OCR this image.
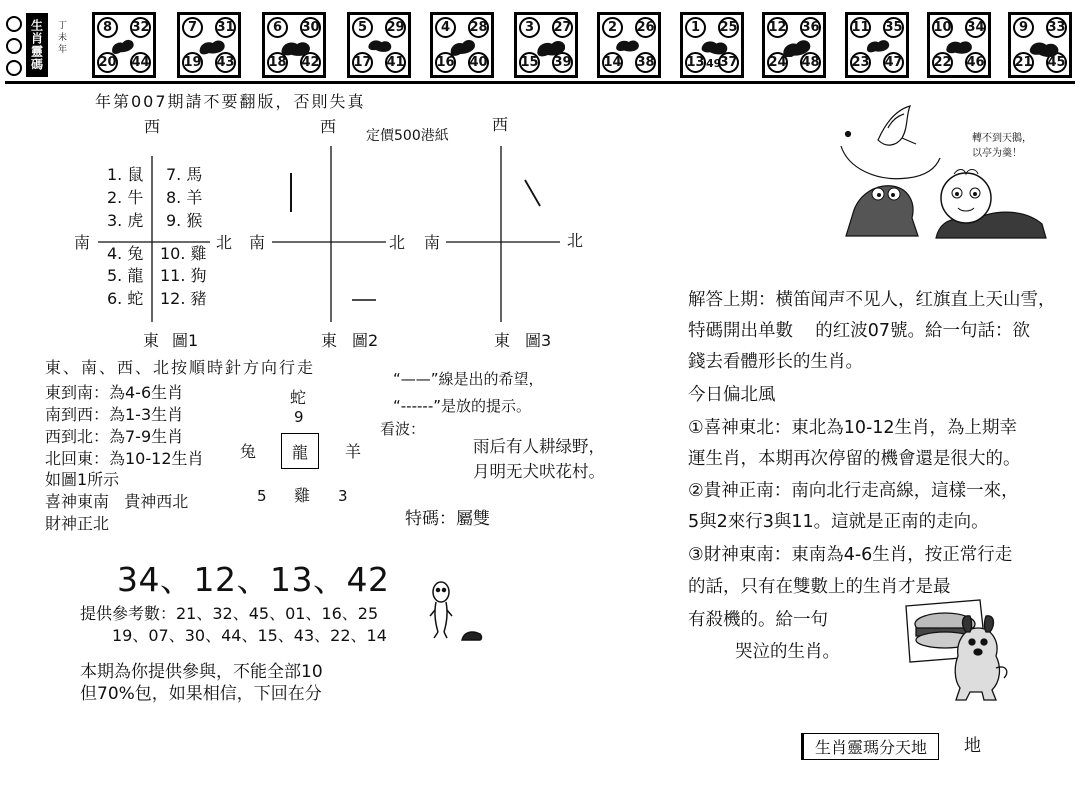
生肖靈碼	丁未年	8	32
20 44
7	31
19 43
6	30
18 42
5	29
17 41
4	28
16 40
3	27
15 39
2	26
14 38
1	25
13 49
37
12 36
24 48
11 35
23 47
10 34
22 46
9	33
21 45
年第007期請不要翻版，否則失真
定價500港紙
西
南	北
東 圖1
1. 鼠
2. 牛
3. 虎
4. 兔
5. 龍
6. 蛇
7. 馬
8. 羊
9. 猴
10. 雞
11. 狗
12. 豬
西
南	北
東 圖2
西
南	北
東 圖3
東、南、西、北按順時針方向行走
東到南：為4-6生肖
南到西：為1-3生肖
西到北：為7-9生肖
北回東：為10-12生肖
如圖1所示
喜神東南   貴神西北
財神正北
蛇
9
兔 龍 羊
5 雞 3
“——”線是出的希望，
“------”是放的提示。
看波：
雨后有人耕绿野，
月明无犬吠花村。
特碼：屬雙
34、12、13、42
提供參考數：21、32、45、01、16、25
19、07、30、44、15、43、22、14
本期為你提供參與，不能全部10
但70%包，如果相信，下回在分
解答上期：横笛闻声不见人，红旗直上天山雪，
特碼開出单數    的红波07號。給一句話：欲
錢去看體形长的生肖。
今日偏北風
①喜神東北：東北為10-12生肖，為上期幸
運生肖，本期再次停留的機會還是很大的。
②貴神正南：南向北行走高線，這樣一來，
5與2來行3與11。這就是正南的走向。
③財神東南：東南為4-6生肖，按正常行走
的話，只有在雙數上的生肖才是最
有殺機的。給一句
哭泣的生肖。
轉不到天鵝，
以亭为羹！
生肖靈瑪分天地 地
